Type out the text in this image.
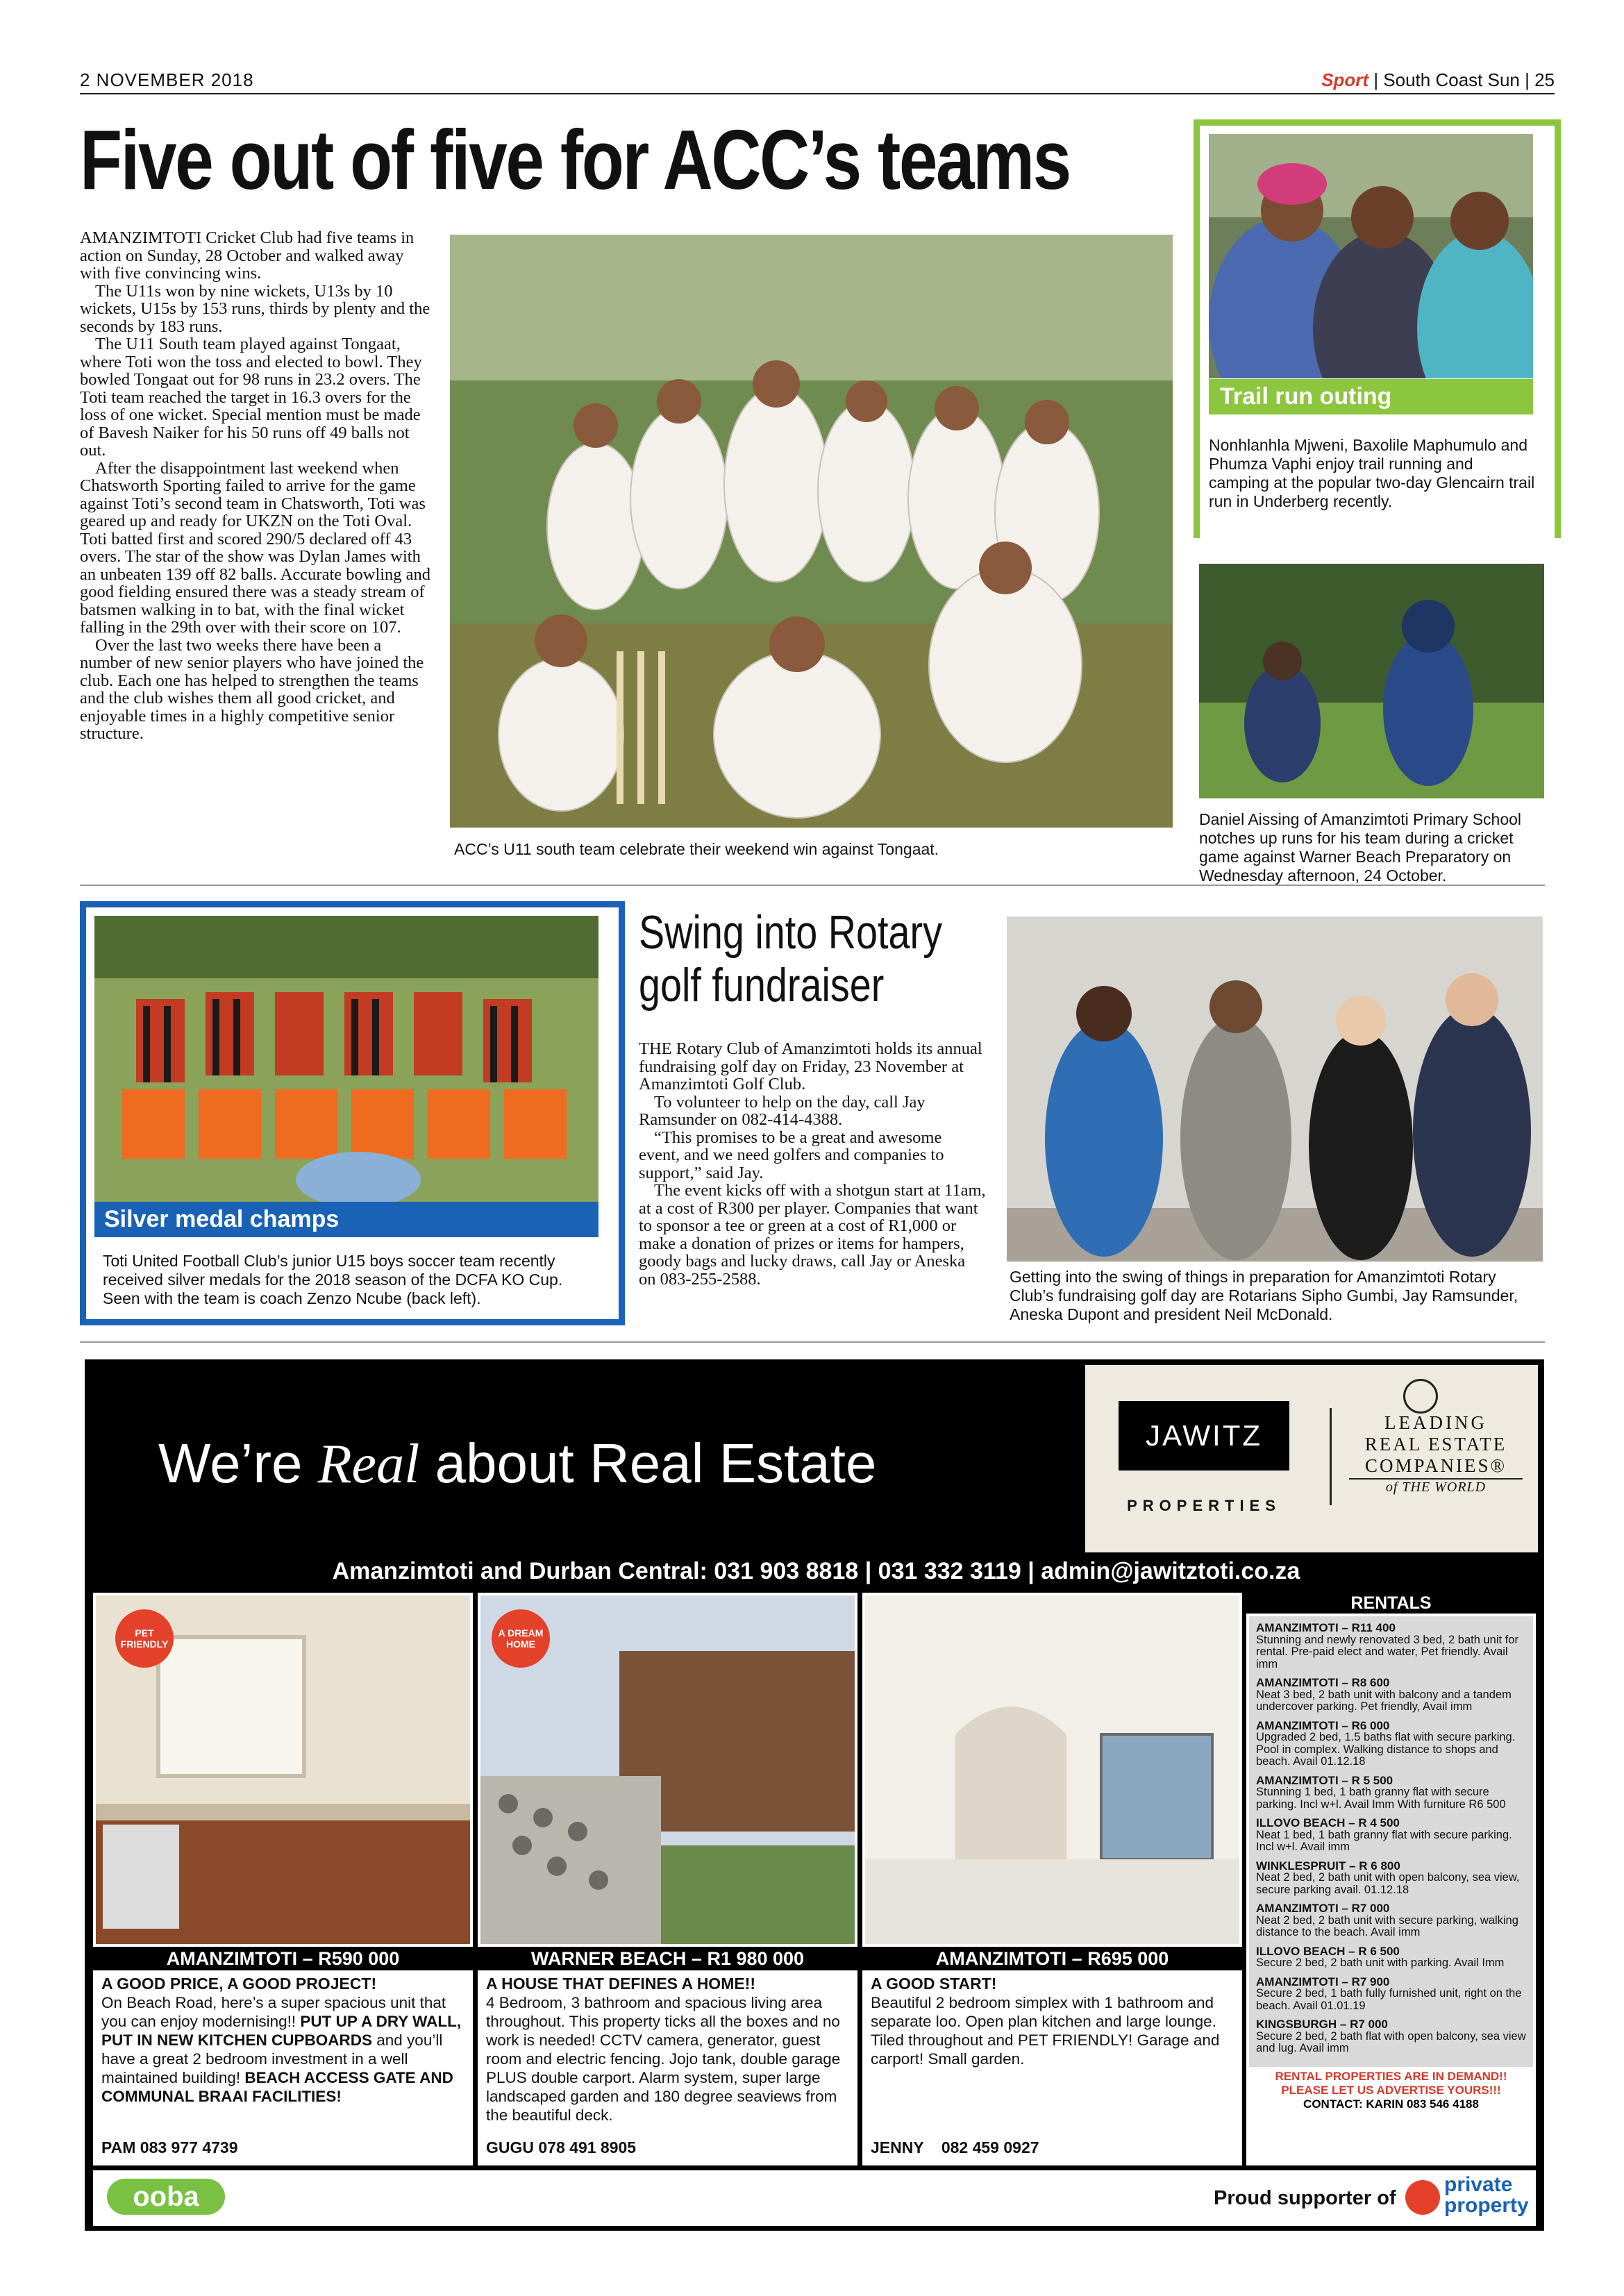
2 NOVEMBER 2018	Sport | South Coast Sun | 25
Five out of five for ACC’s teams

AMANZIMTOTI Cricket Club had five teams in action on Sunday, 28 October and walked away with five convincing wins.

The U11s won by nine wickets, U13s by 10 wickets, U15s by 153 runs, thirds by plenty and the seconds by 183 runs.

The U11 South team played against Tongaat, where Toti won the toss and elected to bowl. They bowled Tongaat out for 98 runs in 23.2 overs. The Toti team reached the target in 16.3 overs for the loss of one wicket. Special mention must be made of Bavesh Naiker for his 50 runs off 49 balls not out.

After the disappointment last weekend when Chatsworth Sporting failed to arrive for the game against Toti’s second team in Chatsworth, Toti was geared up and ready for UKZN on the Toti Oval. Toti batted first and scored 290/5 declared off 43 overs. The star of the show was Dylan James with an unbeaten 139 off 82 balls. Accurate bowling and good fielding ensured there was a steady stream of batsmen walking in to bat, with the final wicket falling in the 29th over with their score on 107.

Over the last two weeks there have been a number of new senior players who have joined the club. Each one has helped to strengthen the teams and the club wishes them all good cricket, and enjoyable times in a highly competitive senior structure.

ACC’s U11 south team celebrate their weekend win against Tongaat.
Trail run outing
Nonhlanhla Mjweni, Baxolile Maphumulo and Phumza Vaphi enjoy trail running and camping at the popular two-day Glencairn trail run in Underberg recently.
Daniel Aissing of Amanzimtoti Primary School notches up runs for his team during a cricket game against Warner Beach Preparatory on Wednesday afternoon, 24 October.
Silver medal champs
Toti United Football Club’s junior U15 boys soccer team recently received silver medals for the 2018 season of the DCFA KO Cup. Seen with the team is coach Zenzo Ncube (back left).
Swing into Rotary
golf fundraiser

THE Rotary Club of Amanzimtoti holds its annual fundraising golf day on Friday, 23 November at Amanzimtoti Golf Club.

To volunteer to help on the day, call Jay Ramsunder on 082-414-4388.

“This promises to be a great and awesome event, and we need golfers and companies to support,” said Jay.

The event kicks off with a shotgun start at 11am, at a cost of R300 per player. Companies that want to sponsor a tee or green at a cost of R1,000 or make a donation of prizes or items for hampers, goody bags and lucky draws, call Jay or Aneska on 083-255-2588.	Getting into the swing of things in preparation for Amanzimtoti Rotary Club’s fundraising golf day are Rotarians Sipho Gumbi, Jay Ramsunder, Aneska Dupont and president Neil McDonald.
We’re Real about Real Estate	JAWITZ
PROPERTIES
LEADING
REAL ESTATE
COMPANIES®
of THE WORLD
Amanzimtoti and Durban Central: 031 903 8818 | 031 332 3119 | admin@jawitztoti.co.za
PET FRIENDLY
AMANZIMTOTI – R590 000
A GOOD PRICE, A GOOD PROJECT!
On Beach Road, here’s a super spacious unit that you can enjoy modernising!! PUT UP A DRY WALL, PUT IN NEW KITCHEN CUPBOARDS and you’ll have a great 2 bedroom investment in a well maintained building! BEACH ACCESS GATE AND COMMUNAL BRAAI FACILITIES!
PAM 083 977 4739
A DREAM HOME
WARNER BEACH – R1 980 000
A HOUSE THAT DEFINES A HOME!!
4 Bedroom, 3 bathroom and spacious living area throughout. This property ticks all the boxes and no work is needed! CCTV camera, generator, guest room and electric fencing. Jojo tank, double garage PLUS double carport. Alarm system, super large landscaped garden and 180 degree seaviews from the beautiful deck.
GUGU 078 491 8905
AMANZIMTOTI – R695 000
A GOOD START!
Beautiful 2 bedroom simplex with 1 bathroom and separate loo. Open plan kitchen and large lounge. Tiled throughout and PET FRIENDLY! Garage and carport! Small garden.
JENNY    082 459 0927
RENTALS
AMANZIMTOTI – R11 400
Stunning and newly renovated 3 bed, 2 bath unit for rental. Pre-paid elect and water, Pet friendly. Avail imm
AMANZIMTOTI – R8 600
Neat 3 bed, 2 bath unit with balcony and a tandem undercover parking. Pet friendly, Avail imm
AMANZIMTOTI – R6 000
Upgraded 2 bed, 1.5 baths flat with secure parking. Pool in complex. Walking distance to shops and beach. Avail 01.12.18
AMANZIMTOTI – R 5 500
Stunning 1 bed, 1 bath granny flat with secure parking. Incl w+l. Avail Imm With furniture R6 500
ILLOVO BEACH – R 4 500
Neat 1 bed, 1 bath granny flat with secure parking. Incl w+l. Avail imm
WINKLESPRUIT – R 6 800
Neat 2 bed, 2 bath unit with open balcony, sea view, secure parking avail. 01.12.18
AMANZIMTOTI – R7 000
Neat 2 bed, 2 bath unit with secure parking, walking distance to the beach. Avail imm
ILLOVO BEACH – R 6 500
Secure 2 bed, 2 bath unit with parking. Avail Imm
AMANZIMTOTI – R7 900
Secure 2 bed, 1 bath fully furnished unit, right on the beach. Avail 01.01.19
KINGSBURGH – R7 000
Secure 2 bed, 2 bath flat with open balcony, sea view and lug. Avail imm
RENTAL PROPERTIES ARE IN DEMAND!!
PLEASE LET US ADVERTISE YOURS!!!
CONTACT: KARIN 083 546 4188
ooba	Proud supporter of
private
property
